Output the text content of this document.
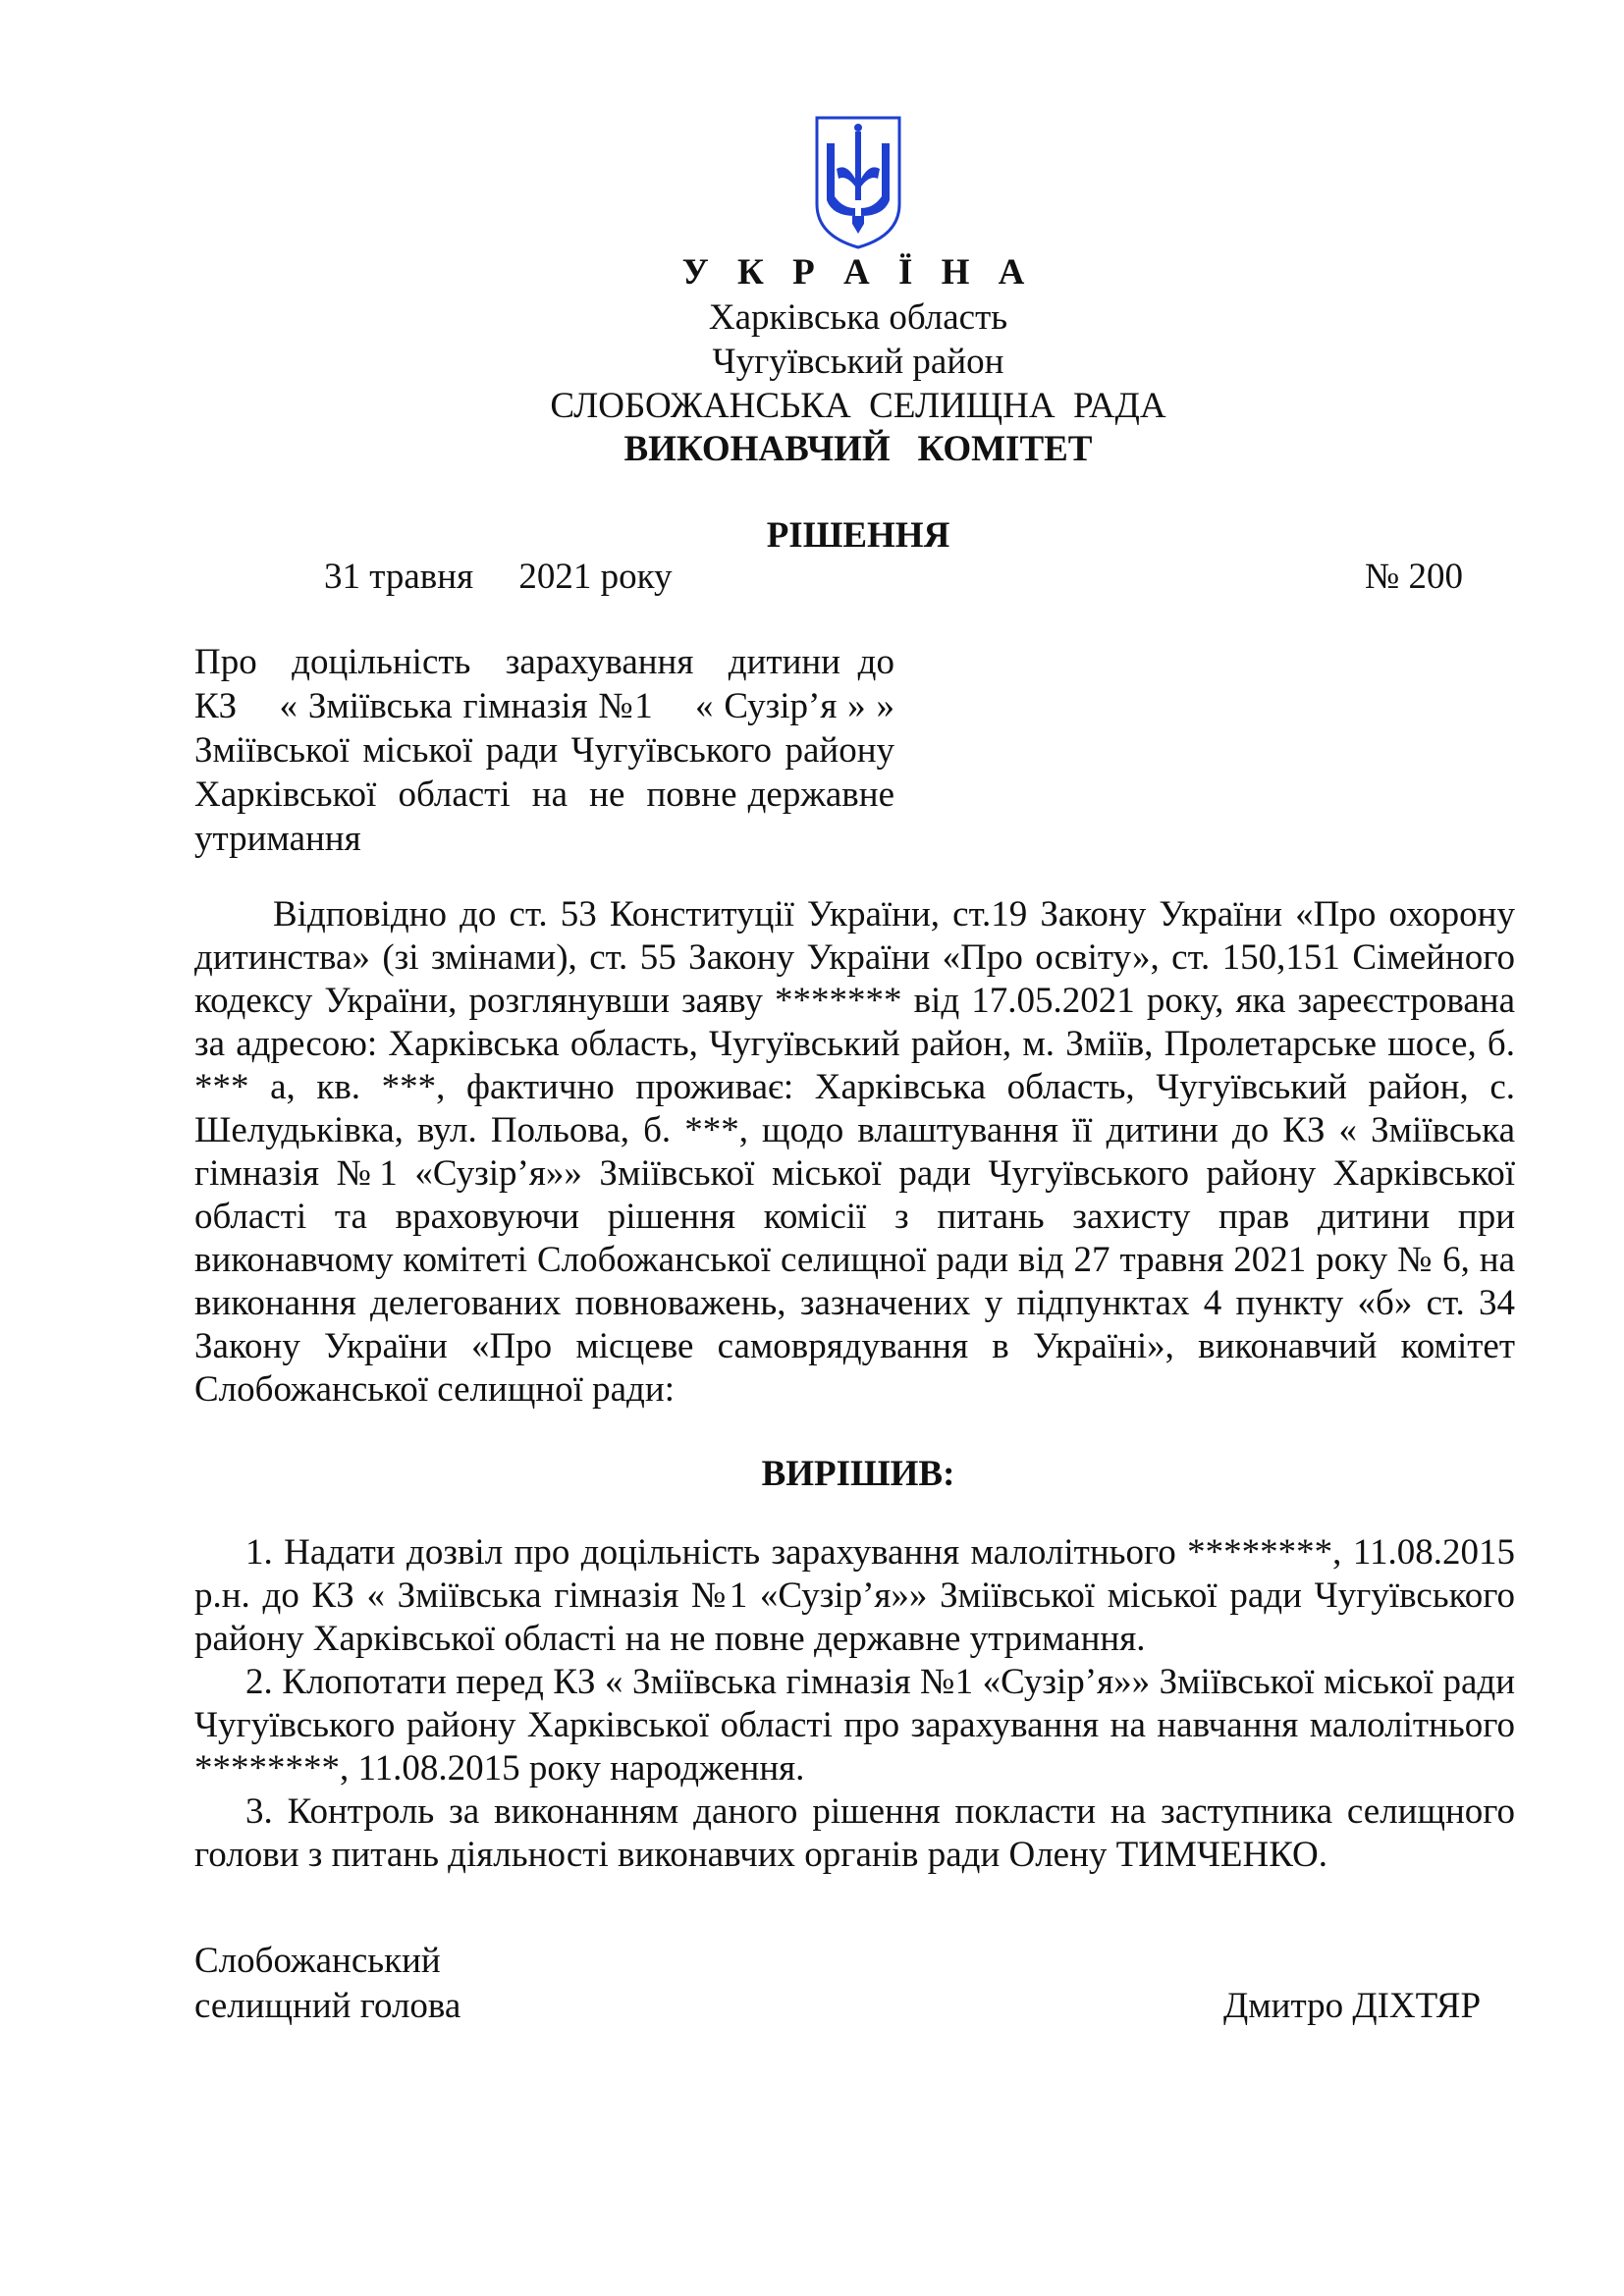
У К Р А Ї Н А
Харківська область
Чугуївський район
СЛОБОЖАНСЬКА  СЕЛИЩНА  РАДА
ВИКОНАВЧИЙ   КОМІТЕТ
РІШЕННЯ
31 травня     2021 року	№ 200
Про  доцільність  зарахування  дитини до
КЗ    « Зміївська гімназія №1    « Сузір’я » »
Зміївської міської ради Чугуївського району
Харківської  області  на  не  повне державне
утримання
Відповідно до ст. 53 Конституції України, ст.19 Закону України «Про охорону дитинства» (зі змінами), ст. 55 Закону України «Про освіту», ст. 150,151 Сімейного кодексу України, розглянувши заяву ******* від 17.05.2021 року, яка зареєстрована за адресою: Харківська область, Чугуївський район, м. Зміїв, Пролетарське шосе, б. *** а, кв. ***, фактично проживає: Харківська область, Чугуївський район, с. Шелудьківка, вул. Польова, б. ***, щодо влаштування її дитини до КЗ « Зміївська гімназія №1 «Сузір’я»» Зміївської міської ради Чугуївського району Харківської області та враховуючи рішення комісії з питань захисту прав дитини при виконавчому комітеті Слобожанської селищної ради від 27 травня 2021 року № 6, на виконання делегованих повноважень, зазначених у підпунктах 4 пункту «б» ст. 34 Закону України «Про місцеве самоврядування в Україні», виконавчий комітет Слобожанської селищної ради:
ВИРІШИВ:
1. Надати дозвіл про доцільність зарахування малолітнього ********, 11.08.2015 р.н. до КЗ « Зміївська гімназія №1 «Сузір’я»» Зміївської міської ради Чугуївського району Харківської області на не повне державне утримання.
2. Клопотати перед КЗ « Зміївська гімназія №1 «Сузір’я»» Зміївської міської ради Чугуївського району Харківської області про зарахування на навчання малолітнього ********, 11.08.2015 року народження.
3. Контроль за виконанням даного рішення покласти на заступника селищного голови з питань діяльності виконавчих органів ради Олену ТИМЧЕНКО.
Слобожанський
селищний голова	Дмитро ДІХТЯР
